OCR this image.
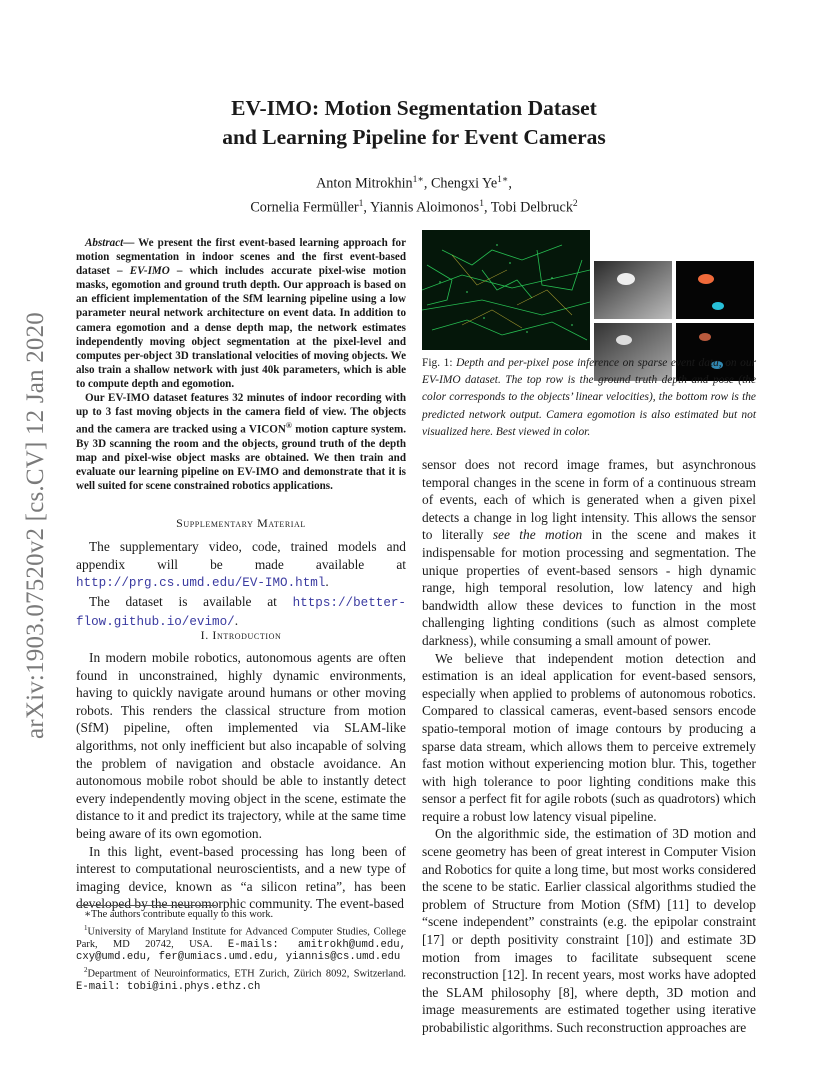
arXiv:1903.07520v2 [cs.CV] 12 Jan 2020
EV-IMO: Motion Segmentation Dataset
and Learning Pipeline for Event Cameras
Anton Mitrokhin$^{1∗}$, Chengxi $Ye^{1∗}$,
Cornelia Fermüller$^1$, Yiannis Aloimonos$^1$, Tobi Delbruck$^2$

Abstract— We present the first event-based learning approach for motion segmentation in indoor scenes and the first event-based dataset – EV-IMO – which includes accurate pixel-wise motion masks, egomotion and ground truth depth. Our approach is based on an efficient implementation of the SfM learning pipeline using a low parameter neural network architecture on event data. In addition to camera egomotion and a dense depth map, the network estimates independently moving object segmentation at the pixel-level and computes per-object 3D translational velocities of moving objects. We also train a shallow network with just 40k parameters, which is able to compute depth and egomotion.

Our EV-IMO dataset features 32 minutes of indoor recording with up to 3 fast moving objects in the camera field of view. The objects and the camera are tracked using a VICON® motion capture system. By 3D scanning the room and the objects, ground truth of the depth map and pixel-wise object masks are obtained. We then train and evaluate our learning pipeline on EV-IMO and demonstrate that it is well suited for scene constrained robotics applications.

Supplementary Material

The supplementary video, code, trained models and appendix will be made available at http://prg.cs.umd.edu/EV-IMO.html.

The dataset is available at https://better-flow.github.io/evimo/.

I. Introduction

In modern mobile robotics, autonomous agents are often found in unconstrained, highly dynamic environments, having to quickly navigate around humans or other moving robots. This renders the classical structure from motion (SfM) pipeline, often implemented via SLAM-like algorithms, not only inefficient but also incapable of solving the problem of navigation and obstacle avoidance. An autonomous mobile robot should be able to instantly detect every independently moving object in the scene, estimate the distance to it and predict its trajectory, while at the same time being aware of its own egomotion.

In this light, event-based processing has long been of interest to computational neuroscientists, and a new type of imaging device, known as “a silicon retina”, has been developed by the neuromorphic community. The event-based

∗The authors contribute equally to this work.
$^1$University of Maryland Institute for Advanced Computer Studies, College Park, MD 20742, USA. E-mails: amitrokh@umd.edu, cxy@umd.edu, fer@umiacs.umd.edu, yiannis@cs.umd.edu
$^2$Department of Neuroinformatics, ETH Zurich, Zürich 8092, Switzerland. E-mail: tobi@ini.phys.ethz.ch
Fig. 1: Depth and per-pixel pose inference on sparse event data, on our EV-IMO dataset. The top row is the ground truth depth and pose (the color corresponds to the objects’ linear velocities), the bottom row is the predicted network output. Camera egomotion is also estimated but not visualized here. Best viewed in color.

sensor does not record image frames, but asynchronous temporal changes in the scene in form of a continuous stream of events, each of which is generated when a given pixel detects a change in log light intensity. This allows the sensor to literally see the motion in the scene and makes it indispensable for motion processing and segmentation. The unique properties of event-based sensors - high dynamic range, high temporal resolution, low latency and high bandwidth allow these devices to function in the most challenging lighting conditions (such as almost complete darkness), while consuming a small amount of power.

We believe that independent motion detection and estimation is an ideal application for event-based sensors, especially when applied to problems of autonomous robotics. Compared to classical cameras, event-based sensors encode spatio-temporal motion of image contours by producing a sparse data stream, which allows them to perceive extremely fast motion without experiencing motion blur. This, together with high tolerance to poor lighting conditions make this sensor a perfect fit for agile robots (such as quadrotors) which require a robust low latency visual pipeline.

On the algorithmic side, the estimation of 3D motion and scene geometry has been of great interest in Computer Vision and Robotics for quite a long time, but most works considered the scene to be static. Earlier classical algorithms studied the problem of Structure from Motion (SfM) [11] to develop “scene independent” constraints (e.g. the epipolar constraint [17] or depth positivity constraint [10]) and estimate 3D motion from images to facilitate subsequent scene reconstruction [12]. In recent years, most works have adopted the SLAM philosophy [8], where depth, 3D motion and image measurements are estimated together using iterative probabilistic algorithms. Such reconstruction approaches are
